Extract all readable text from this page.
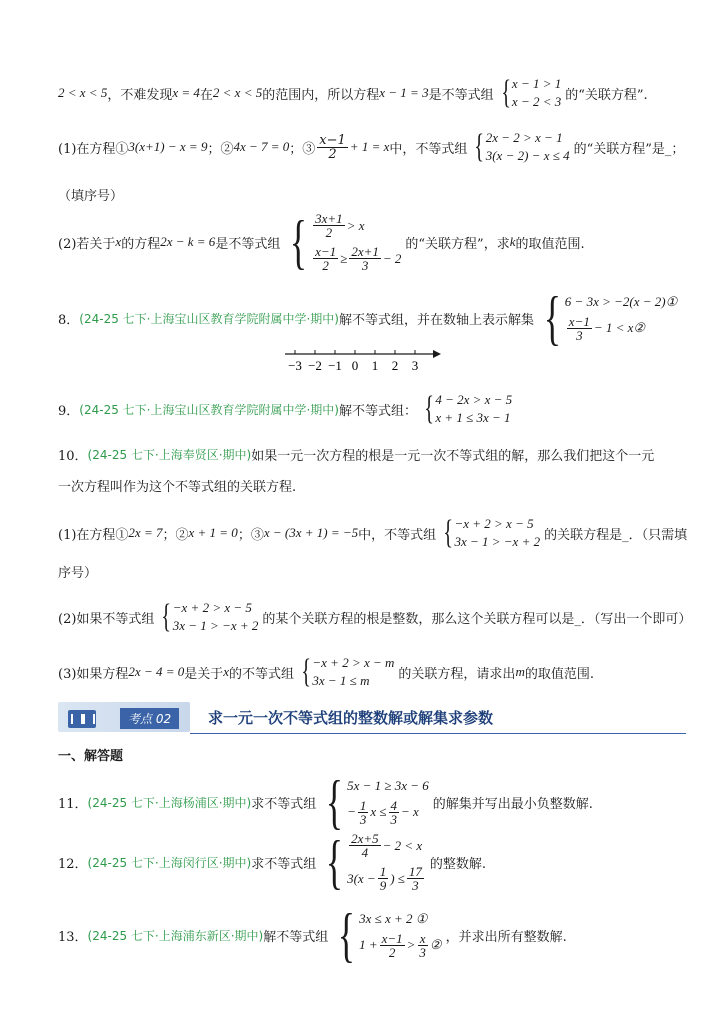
2 < x < 5 ，不难发现 x = 4 在 2 < x < 5 的范围内，所以方程 x − 1 = 3 是不等式组 { x − 1 > 1
x − 2 < 3 的“关联方程”.
(1)在方程① 3(x+1) − x = 9 ；② 4x − 7 = 0 ；③ $\frac{x-1}{2} + 1 = x$ 中，不等式组 { 2x − 2 > x − 1
3(x − 2) − x ≤ 4 的“关联方程”是_；
（填序号）
(2)若关于 x 的方程 2x − k = 6 是不等式组 { $\frac{3x+1}{2} > x$
$\frac{x-1}{2} \ge \frac{2x+1}{3} - 2$
的“关联方程”，求 k 的取值范围.
8． (24-25 七下·上海宝山区教育学院附属中学·期中) 解不等式组，并在数轴上表示解集 { 6 − 3x > −2(x − 2)①
$\frac{x-1}{3} - 1$ < x②
−3 −2 −1 0 1 2 3
9． (24-25 七下·上海宝山区教育学院附属中学·期中) 解不等式组： { 4 − 2x > x − 5
x + 1 ≤ 3x − 1
10． (24-25 七下·上海奉贤区·期中) 如果一元一次方程的根是一元一次不等式组的解，那么我们把这个一元
一次方程叫作为这个不等式组的关联方程.
(1)在方程① 2x = 7 ；② x + 1 = 0 ；③ x − (3x + 1) = −5 中，不等式组 { −x + 2 > x − 5
3x − 1 > −x + 2 的关联方程是_．（只需填
序号）
(2)如果不等式组 { −x + 2 > x − 5
3x − 1 > −x + 2 的某个关联方程的根是整数，那么这个关联方程可以是_．（写出一个即可）
(3)如果方程 2x − 4 = 0 是关于 x 的不等式组 { −x + 2 > x − m
3x − 1 ≤ m	的关联方程，请求出 m 的取值范围.
考点 02	求一元一次不等式组的整数解或解集求参数
一、解答题
11． (24-25 七下·上海杨浦区·期中) 求不等式组 { 5x − 1 ≥ 3x − 6
− $\frac{1}{3}$ $x \le \frac{4}{3} - x$ 的解集并写出最小负整数解.
12． (24-25 七下·上海闵行区·期中) 求不等式组 { $\frac{2x+5}{4} - 2 < x$
$3(x - \frac{1}{9}$ ) ≤ $\frac{17}{3}$
的整数解.
13． (24-25 七下·上海浦东新区·期中) 解不等式组 { 3x ≤ x + 2 ①
$1 + \frac{x-1}{2} > \frac{x}{3}$ ② ，并求出所有整数解.
